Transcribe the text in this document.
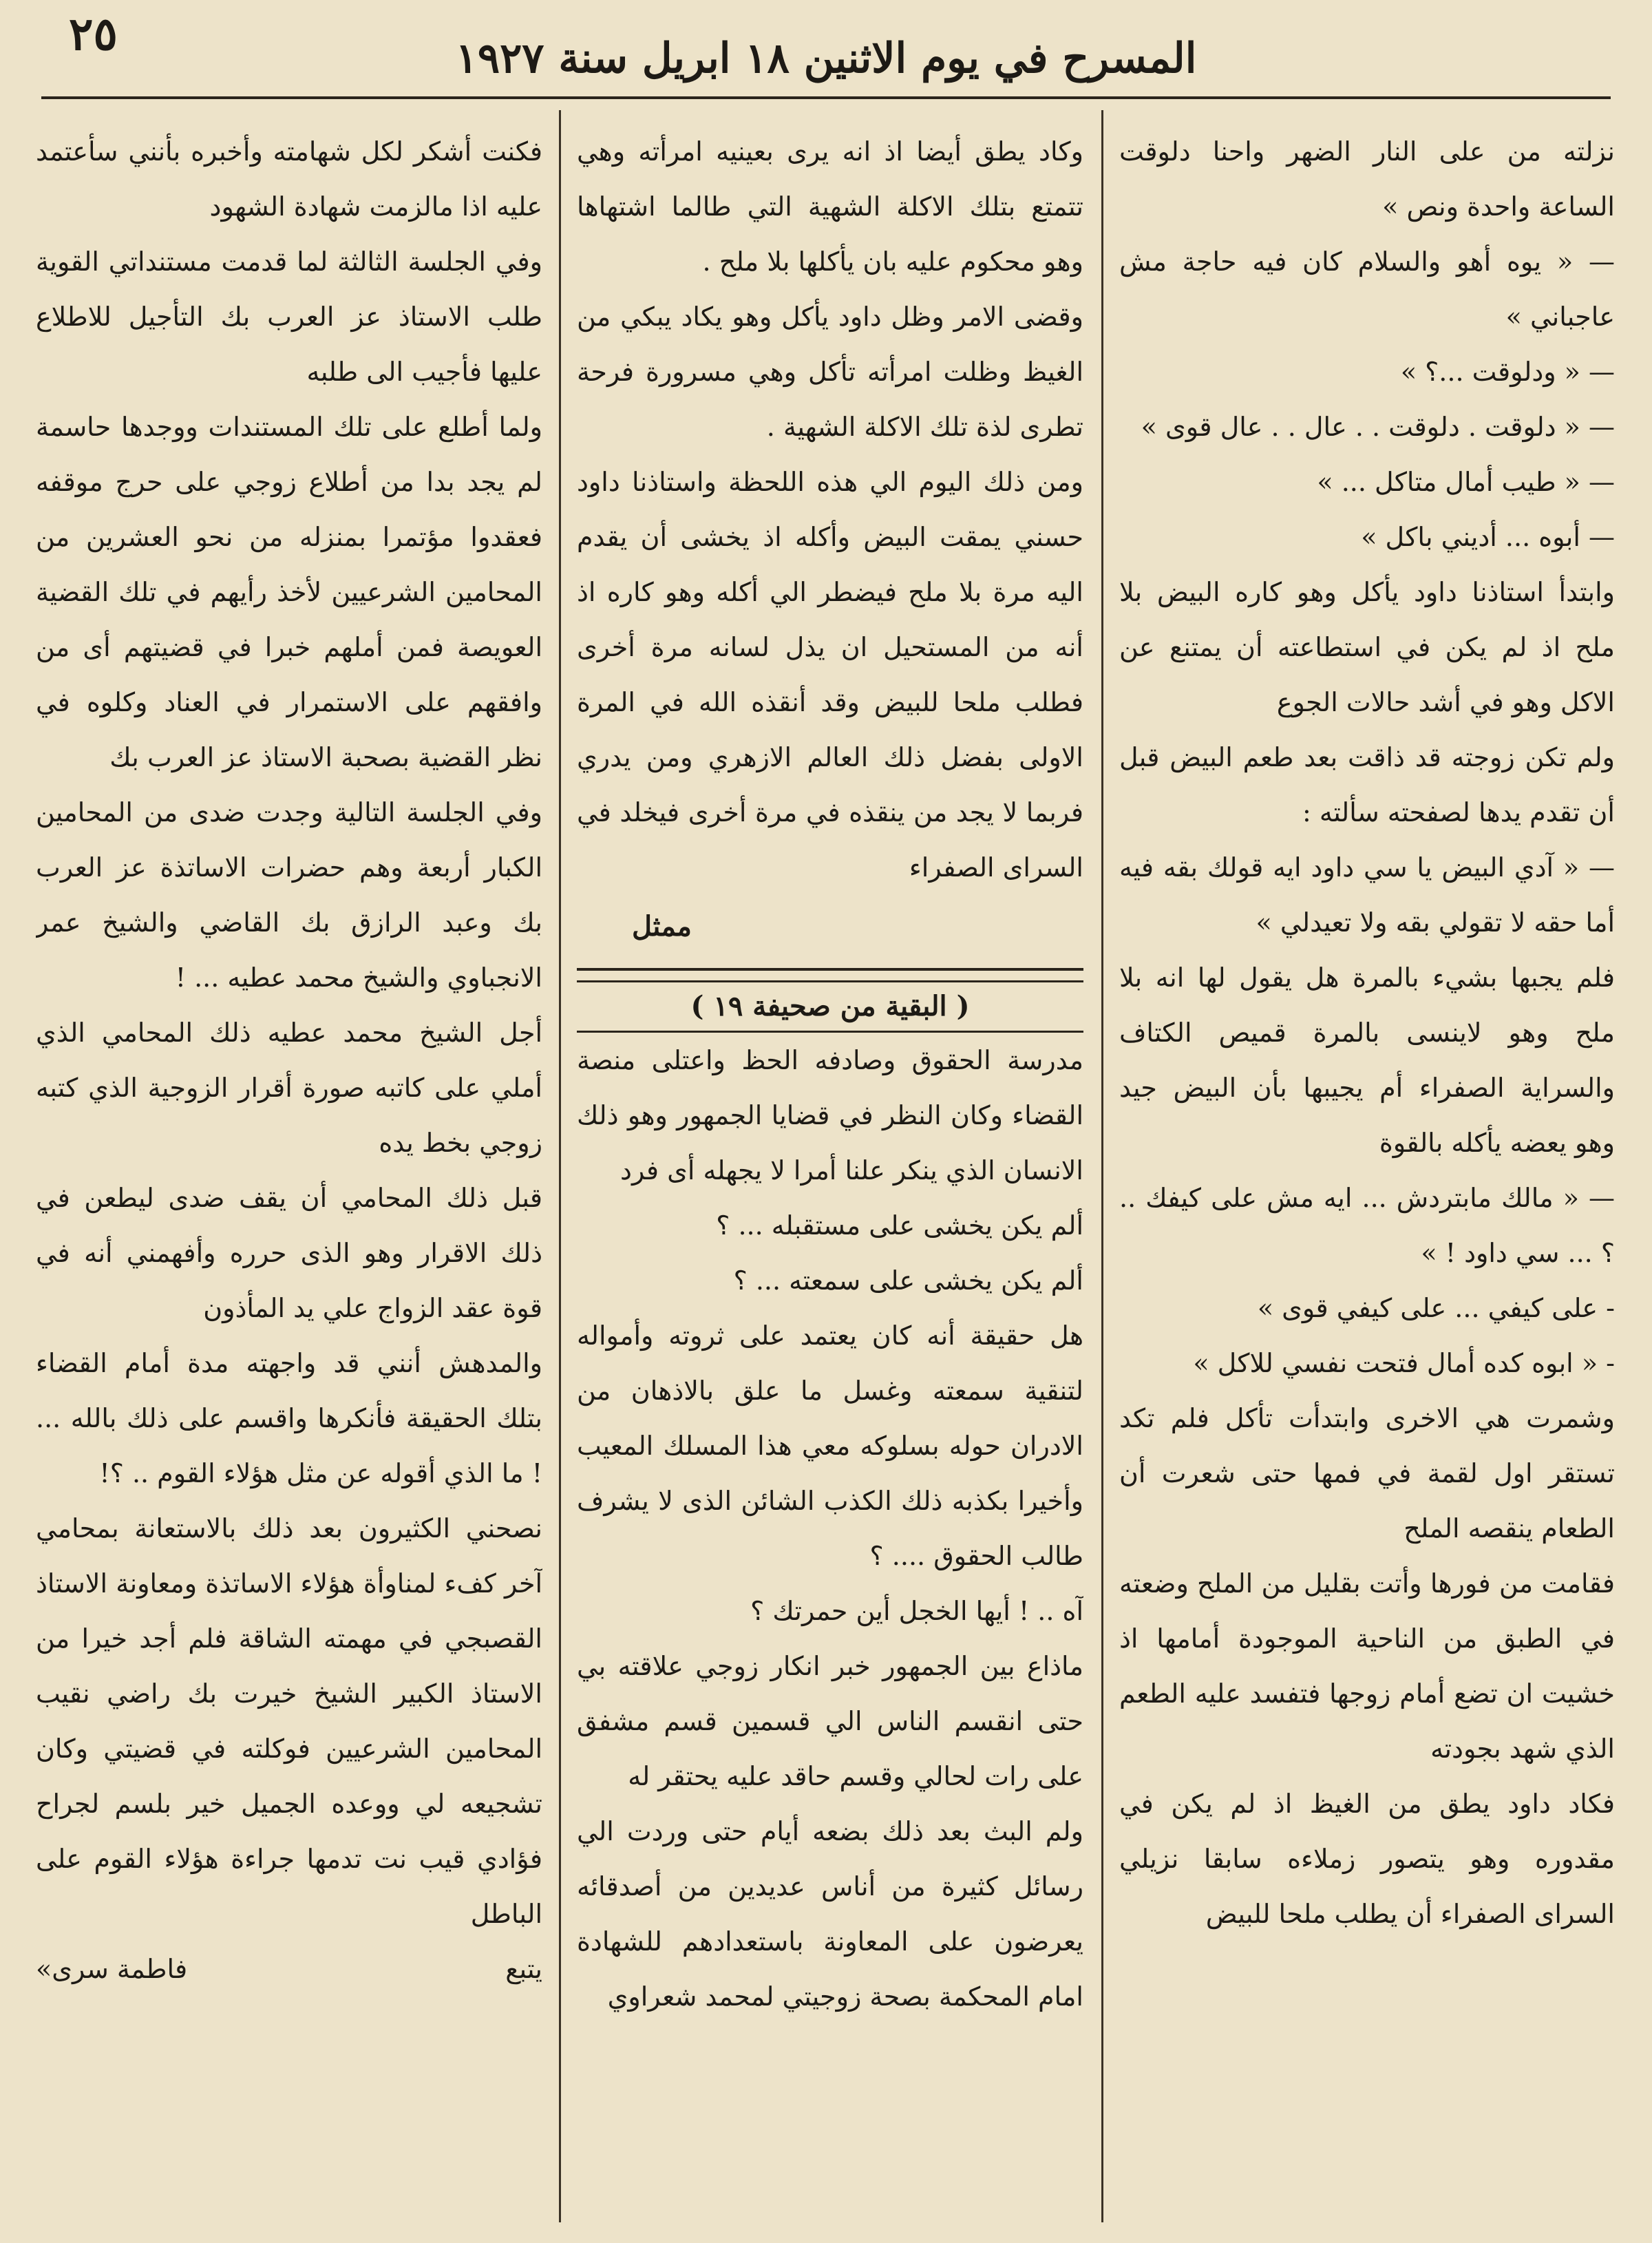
المسرح في يوم الاثنين ١٨ ابريل سنة ١٩٢٧
٢٥

نزلته من على النار الضهر واحنا دلوقت الساعة واحدة ونص »

— « يوه أهو والسلام كان فيه حاجة مش عاجباني »

— « ودلوقت ...؟ »

— « دلوقت . دلوقت . . عال . . عال قوى »

— « طيب أمال متاكل ... »

— أبوه ... أديني باكل »

وابتدأ استاذنا داود يأكل وهو كاره البيض بلا ملح اذ لم يكن في استطاعته أن يمتنع عن الاكل وهو في أشد حالات الجوع

ولم تكن زوجته قد ذاقت بعد طعم البيض قبل أن تقدم يدها لصفحته سألته :

— « آدي البيض يا سي داود ايه قولك بقه فيه أما حقه لا تقولي بقه ولا تعيدلي »

فلم يجبها بشيء بالمرة هل يقول لها انه بلا ملح وهو لاينسى بالمرة قميص الكتاف والسراية الصفراء أم يجيبها بأن البيض جيد وهو يعضه يأكله بالقوة

— « مالك مابتردش ... ايه مش على كيفك .. ؟ ... سي داود ! »

- على كيفي ... على كيفي قوى »

- « ابوه كده أمال فتحت نفسي للاكل »

وشمرت هي الاخرى وابتدأت تأكل فلم تكد تستقر اول لقمة في فمها حتى شعرت أن الطعام ينقصه الملح

فقامت من فورها وأتت بقليل من الملح وضعته في الطبق من الناحية الموجودة أمامها اذ خشيت ان تضع أمام زوجها فتفسد عليه الطعم الذي شهد بجودته

فكاد داود يطق من الغيظ اذ لم يكن في مقدوره وهو يتصور زملاءه سابقا نزيلي السراى الصفراء أن يطلب ملحا للبيض

وكاد يطق أيضا اذ انه يرى بعينيه امرأته وهي تتمتع بتلك الاكلة الشهية التي طالما اشتهاها وهو محكوم عليه بان يأكلها بلا ملح .

وقضى الامر وظل داود يأكل وهو يكاد يبكي من الغيظ وظلت امرأته تأكل وهي مسرورة فرحة تطرى لذة تلك الاكلة الشهية .

ومن ذلك اليوم الي هذه اللحظة واستاذنا داود حسني يمقت البيض وأكله اذ يخشى أن يقدم اليه مرة بلا ملح فيضطر الي أكله وهو كاره اذ أنه من المستحيل ان يذل لسانه مرة أخرى فطلب ملحا للبيض وقد أنقذه الله في المرة الاولى بفضل ذلك العالم الازهري ومن يدري فربما لا يجد من ينقذه في مرة أخرى فيخلد في السراى الصفراء

ممثل

( البقية من صحيفة ١٩ )

مدرسة الحقوق وصادفه الحظ واعتلى منصة القضاء وكان النظر في قضايا الجمهور وهو ذلك الانسان الذي ينكر علنا أمرا لا يجهله أى فرد

ألم يكن يخشى على مستقبله ... ؟

ألم يكن يخشى على سمعته ... ؟

هل حقيقة أنه كان يعتمد على ثروته وأمواله لتنقية سمعته وغسل ما علق بالاذهان من الادران حوله بسلوكه معي هذا المسلك المعيب وأخيرا بكذبه ذلك الكذب الشائن الذى لا يشرف طالب الحقوق .... ؟

آه .. ! أيها الخجل أين حمرتك ؟

ماذاع بين الجمهور خبر انكار زوجي علاقته بي حتى انقسم الناس الي قسمين قسم مشفق على رات لحالي وقسم حاقد عليه يحتقر له

ولم البث بعد ذلك بضعه أيام حتى وردت الي رسائل كثيرة من أناس عديدين من أصدقائه يعرضون على المعاونة باستعدادهم للشهادة امام المحكمة بصحة زوجيتي لمحمد شعراوي

فكنت أشكر لكل شهامته وأخبره بأنني سأعتمد عليه اذا مالزمت شهادة الشهود

وفي الجلسة الثالثة لما قدمت مستنداتي القوية طلب الاستاذ عز العرب بك التأجيل للاطلاع عليها فأجيب الى طلبه

ولما أطلع على تلك المستندات ووجدها حاسمة لم يجد بدا من أطلاع زوجي على حرج موقفه فعقدوا مؤتمرا بمنزله من نحو العشرين من المحامين الشرعيين لأخذ رأيهم في تلك القضية العويصة فمن أملهم خبرا في قضيتهم أى من وافقهم على الاستمرار في العناد وكلوه في نظر القضية بصحبة الاستاذ عز العرب بك

وفي الجلسة التالية وجدت ضدى من المحامين الكبار أربعة وهم حضرات الاساتذة عز العرب بك وعبد الرازق بك القاضي والشيخ عمر الانجباوي والشيخ محمد عطيه ... !

أجل الشيخ محمد عطيه ذلك المحامي الذي أملي على كاتبه صورة أقرار الزوجية الذي كتبه زوجي بخط يده

قبل ذلك المحامي أن يقف ضدى ليطعن في ذلك الاقرار وهو الذى حرره وأفهمني أنه في قوة عقد الزواج علي يد المأذون

والمدهش أنني قد واجهته مدة أمام القضاء بتلك الحقيقة فأنكرها واقسم على ذلك بالله ... ! ما الذي أقوله عن مثل هؤلاء القوم .. ؟!

نصحني الكثيرون بعد ذلك بالاستعانة بمحامي آخر كفء لمناوأة هؤلاء الاساتذة ومعاونة الاستاذ القصبجي في مهمته الشاقة فلم أجد خيرا من الاستاذ الكبير الشيخ خيرت بك راضي نقيب المحامين الشرعيين فوكلته في قضيتي وكان تشجيعه لي ووعده الجميل خير بلسم لجراح فؤادي قيب نت تدمها جراءة هؤلاء القوم على الباطل

يتبع
فاطمة سرى»
